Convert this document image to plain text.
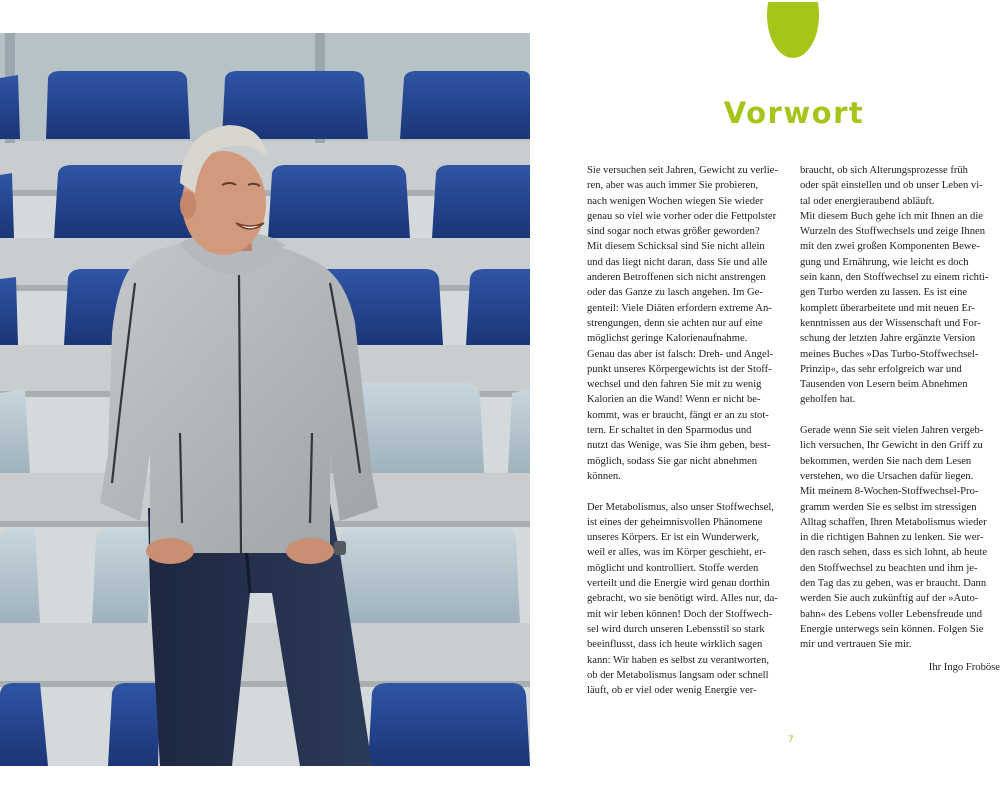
Vorwort

Sie versuchen seit Jahren, Gewicht zu verlie-
ren, aber was auch immer Sie probieren,
nach wenigen Wochen wiegen Sie wieder
genau so viel wie vorher oder die Fettpolster
sind sogar noch etwas größer geworden?
Mit diesem Schicksal sind Sie nicht allein
und das liegt nicht daran, dass Sie und alle
anderen Betroffenen sich nicht anstrengen
oder das Ganze zu lasch angehen. Im Ge-
genteil: Viele Diäten erfordern extreme An-
strengungen, denn sie achten nur auf eine
möglichst geringe Kalorienaufnahme.
Genau das aber ist falsch: Dreh- und Angel-
punkt unseres Körpergewichts ist der Stoff-
wechsel und den fahren Sie mit zu wenig
Kalorien an die Wand! Wenn er nicht be-
kommt, was er braucht, fängt er an zu stot-
tern. Er schaltet in den Sparmodus und
nutzt das Wenige, was Sie ihm geben, best-
möglich, sodass Sie gar nicht abnehmen
können.

Der Metabolismus, also unser Stoffwechsel,
ist eines der geheimnisvollen Phänomene
unseres Körpers. Er ist ein Wunderwerk,
weil er alles, was im Körper geschieht, er-
möglicht und kontrolliert. Stoffe werden
verteilt und die Energie wird genau dorthin
gebracht, wo sie benötigt wird. Alles nur, da-
mit wir leben können! Doch der Stoffwech-
sel wird durch unseren Lebensstil so stark
beeinflusst, dass ich heute wirklich sagen
kann: Wir haben es selbst zu verantworten,
ob der Metabolismus langsam oder schnell
läuft, ob er viel oder wenig Energie ver-

braucht, ob sich Alterungsprozesse früh
oder spät einstellen und ob unser Leben vi-
tal oder energieraubend abläuft.
Mit diesem Buch gehe ich mit Ihnen an die
Wurzeln des Stoffwechsels und zeige Ihnen
mit den zwei großen Komponenten Bewe-
gung und Ernährung, wie leicht es doch
sein kann, den Stoffwechsel zu einem richti-
gen Turbo werden zu lassen. Es ist eine
komplett überarbeitete und mit neuen Er-
kenntnissen aus der Wissenschaft und For-
schung der letzten Jahre ergänzte Version
meines Buches »Das Turbo-Stoffwechsel-
Prinzip«, das sehr erfolgreich war und
Tausenden von Lesern beim Abnehmen
geholfen hat.

Gerade wenn Sie seit vielen Jahren vergeb-
lich versuchen, Ihr Gewicht in den Griff zu
bekommen, werden Sie nach dem Lesen
verstehen, wo die Ursachen dafür liegen.
Mit meinem 8-Wochen-Stoffwechsel-Pro-
gramm werden Sie es selbst im stressigen
Alltag schaffen, Ihren Metabolismus wieder
in die richtigen Bahnen zu lenken. Sie wer-
den rasch sehen, dass es sich lohnt, ab heute
den Stoffwechsel zu beachten und ihm je-
den Tag das zu geben, was er braucht. Dann
werden Sie auch zukünftig auf der »Auto-
bahn« des Lebens voller Lebensfreude und
Energie unterwegs sein können. Folgen Sie
mir und vertrauen Sie mir.

Ihr Ingo Froböse
7
